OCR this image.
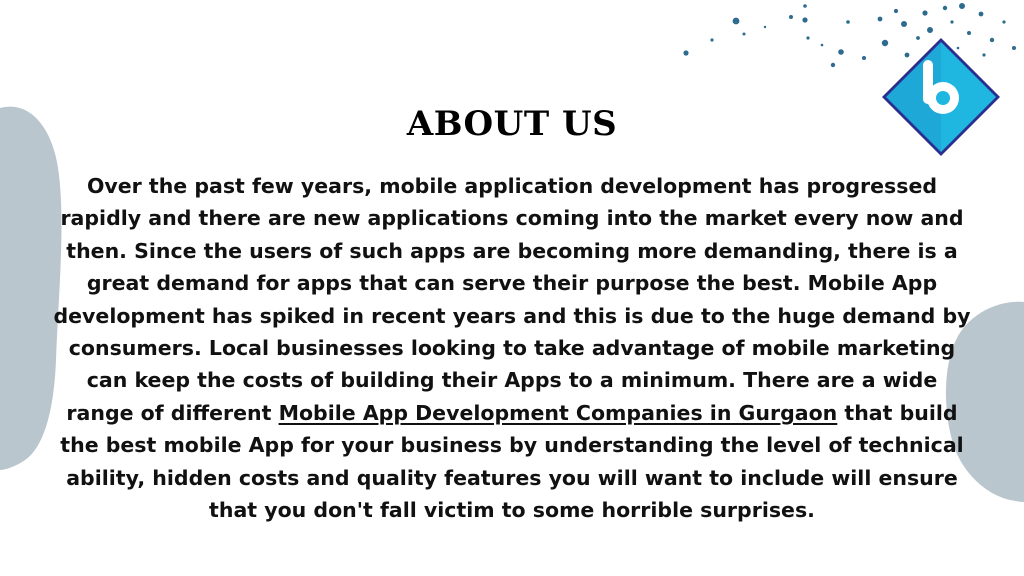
ABOUT US

Over the past few years, mobile application development has progressed rapidly and there are new applications coming into the market every now and then. Since the users of such apps are becoming more demanding, there is a great demand for apps that can serve their purpose the best. Mobile App development has spiked in recent years and this is due to the huge demand by consumers. Local businesses looking to take advantage of mobile marketing can keep the costs of building their Apps to a minimum. There are a wide range of different Mobile App Development Companies in Gurgaon that build the best mobile App for your business by understanding the level of technical ability, hidden costs and quality features you will want to include will ensure that you don't fall victim to some horrible surprises.
